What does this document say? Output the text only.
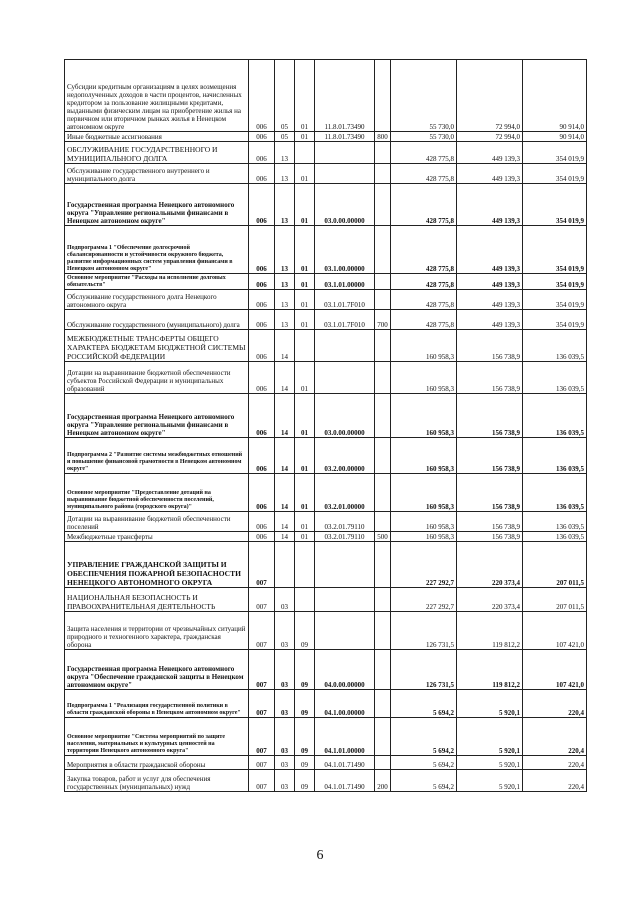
Субсидии кредитным организациям в целях возмещения недополученных доходов в части процентов, начисленных кредитором за пользование жилищными кредитами, выданными физическим лицам на приобретение жилья на первичном или вторичном рынках жилья в Ненецком автономном округе	006	05	01	11.8.01.73490		55 730,0	72 994,0	90 914,0
Иные бюджетные ассигнования	006	05	01	11.8.01.73490	800	55 730,0	72 994,0	90 914,0
ОБСЛУЖИВАНИЕ ГОСУДАРСТВЕННОГО И МУНИЦИПАЛЬНОГО ДОЛГА	006	13				428 775,8	449 139,3	354 019,9
Обслуживание государственного внутреннего и муниципального долга	006	13	01			428 775,8	449 139,3	354 019,9
Государственная программа Ненецкого автономного округа "Управление региональными финансами в Ненецком автономном округе"	006	13	01	03.0.00.00000		428 775,8	449 139,3	354 019,9
Подпрограмма 1 "Обеспечение долгосрочной сбалансированности и устойчивости окружного бюджета, развитие информационных систем управления финансами в Ненецком автономном округе"	006	13	01	03.1.00.00000		428 775,8	449 139,3	354 019,9
Основное мероприятие "Расходы на исполнение долговых обязательств"	006	13	01	03.1.01.00000		428 775,8	449 139,3	354 019,9
Обслуживание государственного долга Ненецкого автономного округа	006	13	01	03.1.01.7F010		428 775,8	449 139,3	354 019,9
Обслуживание государственного (муниципального) долга	006	13	01	03.1.01.7F010	700	428 775,8	449 139,3	354 019,9
МЕЖБЮДЖЕТНЫЕ ТРАНСФЕРТЫ ОБЩЕГО ХАРАКТЕРА БЮДЖЕТАМ БЮДЖЕТНОЙ СИСТЕМЫ РОССИЙСКОЙ ФЕДЕРАЦИИ	006	14				160 958,3	156 738,9	136 039,5
Дотации на выравнивание бюджетной обеспеченности субъектов Российской Федерации и муниципальных образований	006	14	01			160 958,3	156 738,9	136 039,5
Государственная программа Ненецкого автономного округа "Управление региональными финансами в Ненецком автономном округе"	006	14	01	03.0.00.00000		160 958,3	156 738,9	136 039,5
Подпрограмма 2 "Развитие системы межбюджетных отношений и повышение финансовой грамотности в Ненецком автономном округе"	006	14	01	03.2.00.00000		160 958,3	156 738,9	136 039,5
Основное мероприятие "Предоставление дотаций на выравнивание бюджетной обеспеченности поселений, муниципального района (городского округа)"	006	14	01	03.2.01.00000		160 958,3	156 738,9	136 039,5
Дотации на выравнивание бюджетной обеспеченности поселений	006	14	01	03.2.01.79110		160 958,3	156 738,9	136 039,5
Межбюджетные трансферты	006	14	01	03.2.01.79110	500	160 958,3	156 738,9	136 039,5
УПРАВЛЕНИЕ ГРАЖДАНСКОЙ ЗАЩИТЫ И ОБЕСПЕЧЕНИЯ ПОЖАРНОЙ БЕЗОПАСНОСТИ НЕНЕЦКОГО АВТОНОМНОГО ОКРУГА	007					227 292,7	220 373,4	207 011,5
НАЦИОНАЛЬНАЯ БЕЗОПАСНОСТЬ И ПРАВООХРАНИТЕЛЬНАЯ ДЕЯТЕЛЬНОСТЬ	007	03				227 292,7	220 373,4	207 011,5
Защита населения и территории от чрезвычайных ситуаций природного и техногенного характера, гражданская оборона	007	03	09			126 731,5	119 812,2	107 421,0
Государственная программа Ненецкого автономного округа "Обеспечение гражданской защиты в Ненецком автономном округе"	007	03	09	04.0.00.00000		126 731,5	119 812,2	107 421,0
Подпрограмма 1 "Реализация государственной политики в области гражданской обороны в Ненецком автономном округе"	007	03	09	04.1.00.00000		5 694,2	5 920,1	220,4
Основное мероприятие "Система мероприятий по защите населения, материальных и культурных ценностей на территории Ненецкого автономного округа"	007	03	09	04.1.01.00000		5 694,2	5 920,1	220,4
Мероприятия в области гражданской обороны	007	03	09	04.1.01.71490		5 694,2	5 920,1	220,4
Закупка товаров, работ и услуг для обеспечения государственных (муниципальных) нужд	007	03	09	04.1.01.71490	200	5 694,2	5 920,1	220,4
6
